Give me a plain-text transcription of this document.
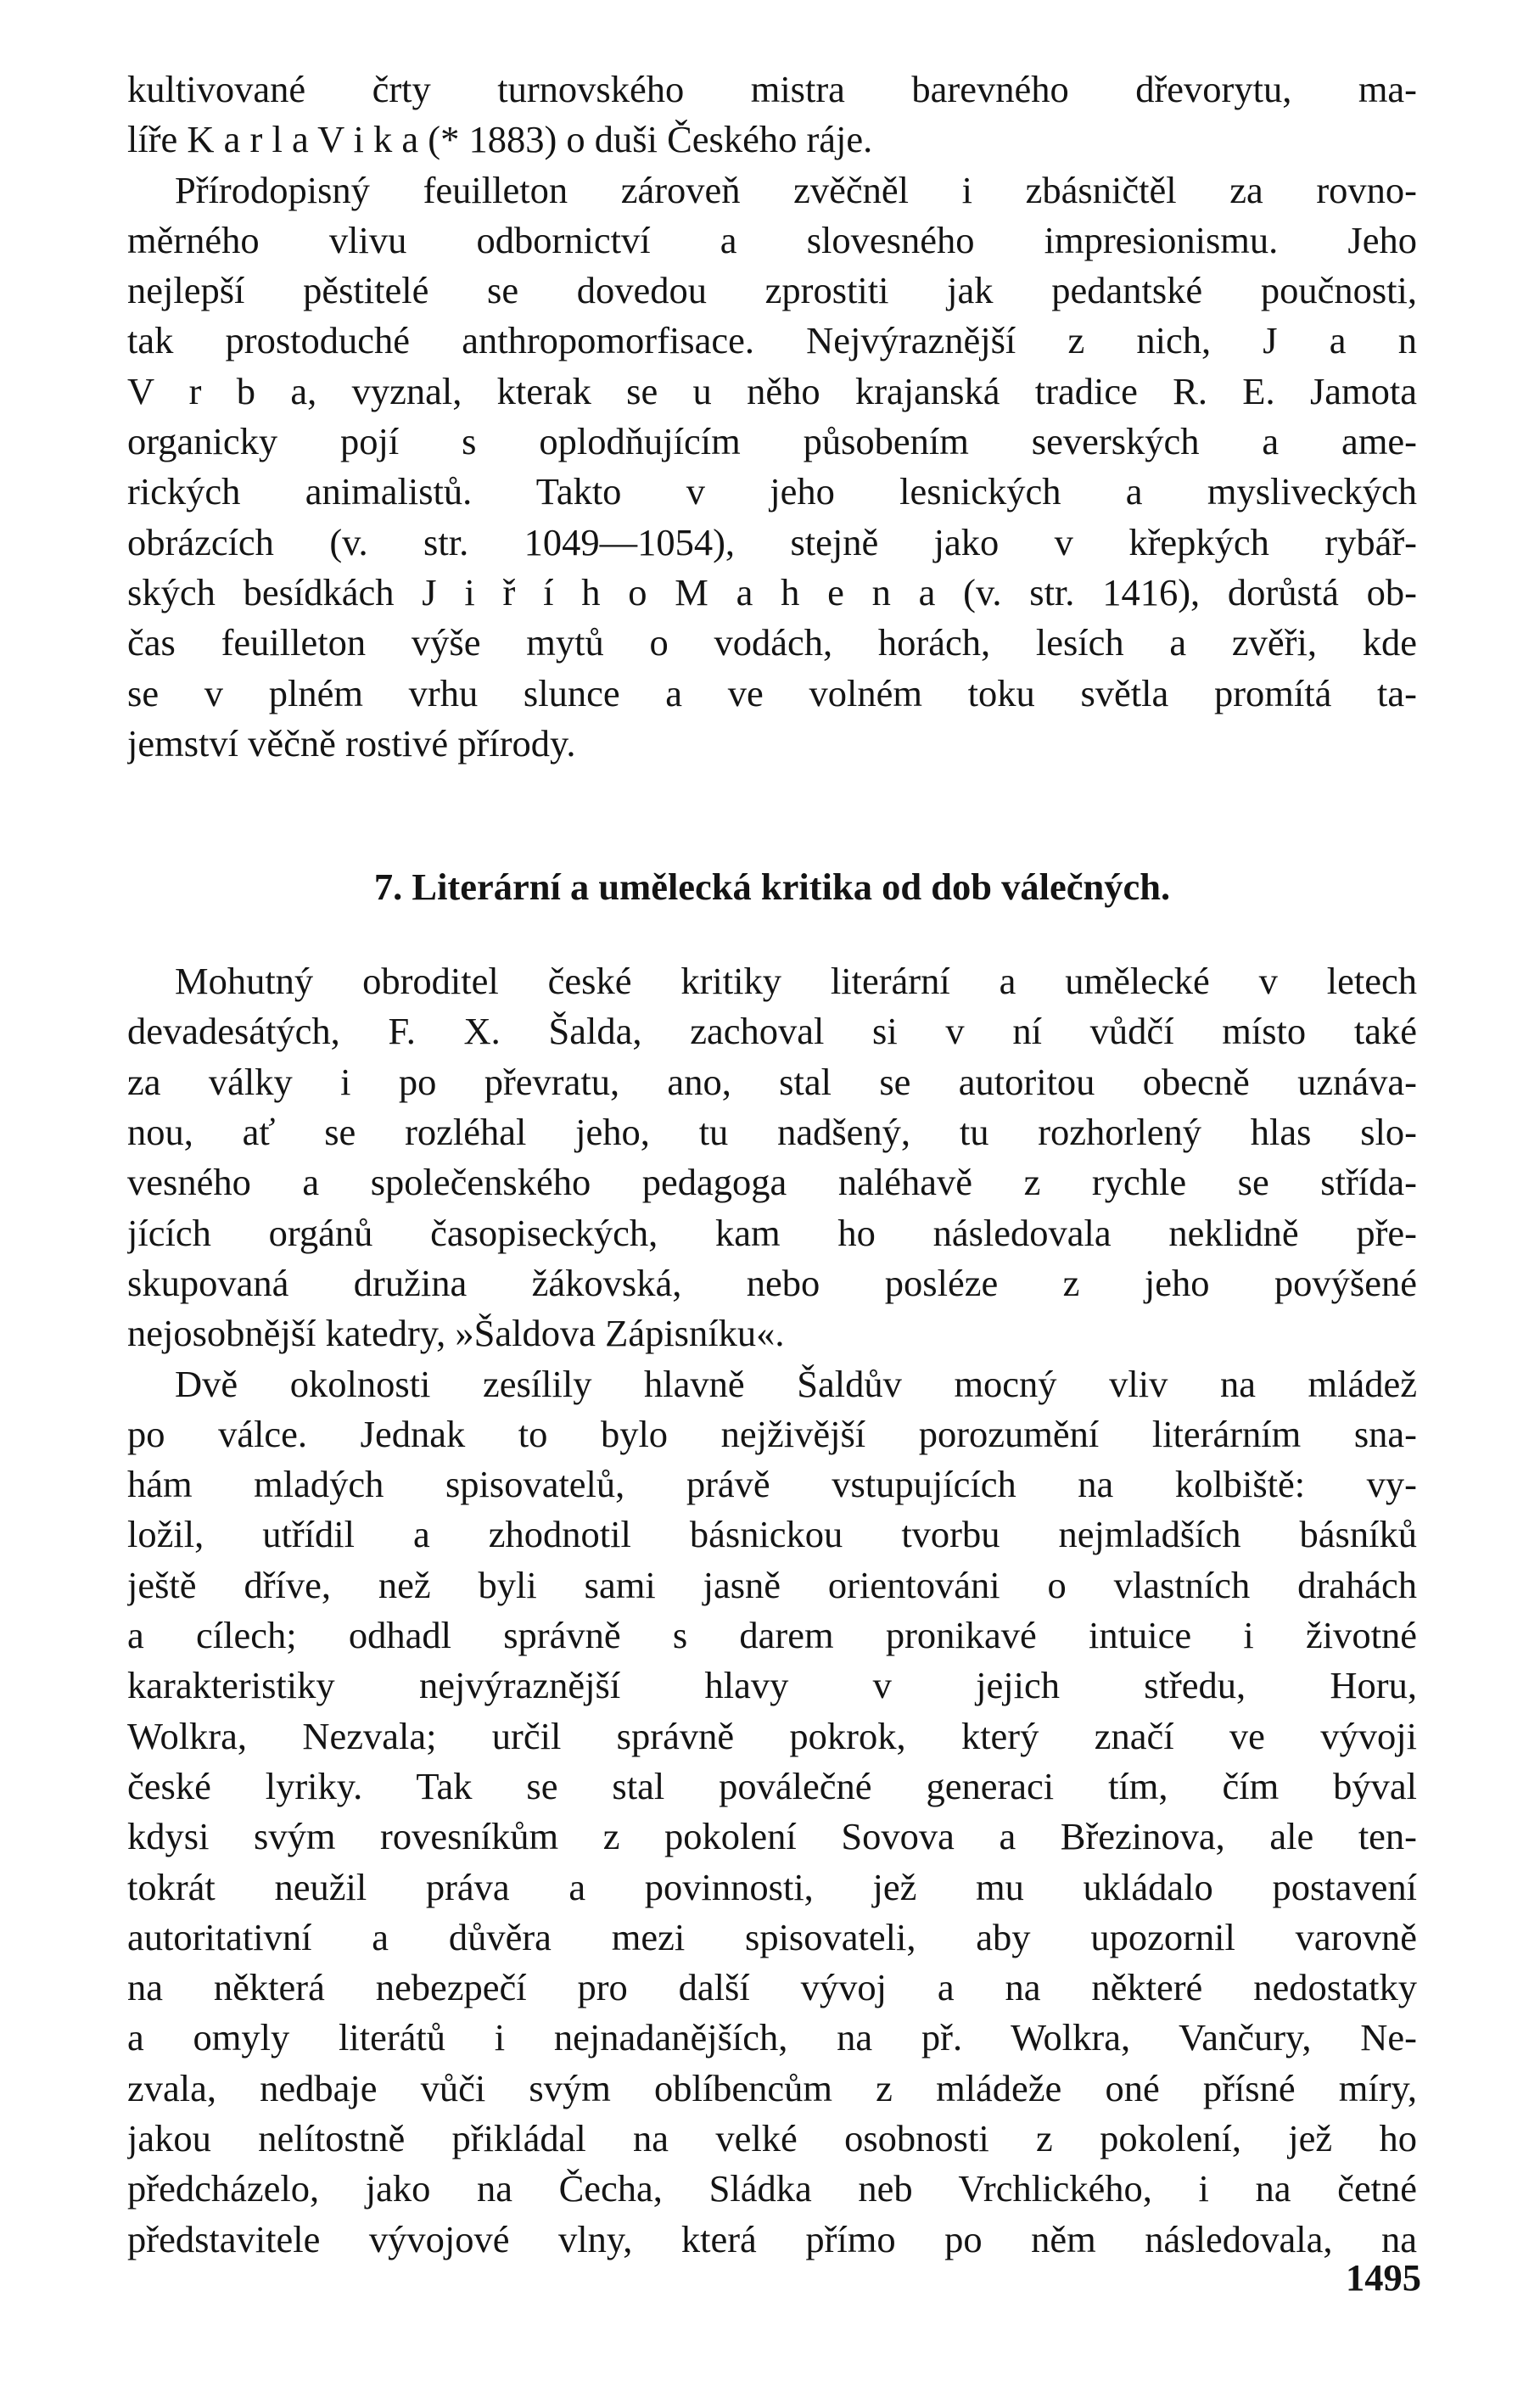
kultivované črty turnovského mistra barevného dřevorytu, ma-
líře K a r l a V i k a (* 1883) o duši Českého ráje.
Přírodopisný feuilleton zároveň zvěčněl i zbásničtěl za rovno-
měrného vlivu odbornictví a slovesného impresionismu. Jeho
nejlepší pěstitelé se dovedou zprostiti jak pedantské poučnosti,
tak prostoduché anthropomorfisace. Nejvýraznější z nich, J a n
V r b a, vyznal, kterak se u něho krajanská tradice R. E. Jamota
organicky pojí s oplodňujícím působením severských a ame-
rických animalistů. Takto v jeho lesnických a mysliveckých
obrázcích (v. str. 1049—1054), stejně jako v křepkých rybář-
ských besídkách J i ř í h o M a h e n a (v. str. 1416), dorůstá ob-
čas feuilleton výše mytů o vodách, horách, lesích a zvěři, kde
se v plném vrhu slunce a ve volném toku světla promítá ta-
jemství věčně rostivé přírody.

7. Literární a umělecká kritika od dob válečných.

Mohutný obroditel české kritiky literární a umělecké v letech
devadesátých, F. X. Šalda, zachoval si v ní vůdčí místo také
za války i po převratu, ano, stal se autoritou obecně uznáva-
nou, ať se rozléhal jeho, tu nadšený, tu rozhorlený hlas slo-
vesného a společenského pedagoga naléhavě z rychle se střída-
jících orgánů časopiseckých, kam ho následovala neklidně pře-
skupovaná družina žákovská, nebo posléze z jeho povýšené
nejosobnější katedry, »Šaldova Zápisníku«.

Dvě okolnosti zesílily hlavně Šaldův mocný vliv na mládež
po válce. Jednak to bylo nejživější porozumění literárním sna-
hám mladých spisovatelů, právě vstupujících na kolbiště: vy-
ložil, utřídil a zhodnotil básnickou tvorbu nejmladších básníků
ještě dříve, než byli sami jasně orientováni o vlastních drahách
a cílech; odhadl správně s darem pronikavé intuice i životné
karakteristiky nejvýraznější hlavy v jejich středu, Horu,
Wolkra, Nezvala; určil správně pokrok, který značí ve vývoji
české lyriky. Tak se stal poválečné generaci tím, čím býval
kdysi svým rovesníkům z pokolení Sovova a Březinova, ale ten-
tokrát neužil práva a povinnosti, jež mu ukládalo postavení
autoritativní a důvěra mezi spisovateli, aby upozornil varovně
na některá nebezpečí pro další vývoj a na některé nedostatky
a omyly literátů i nejnadanějších, na př. Wolkra, Vančury, Ne-
zvala, nedbaje vůči svým oblíbencům z mládeže oné přísné míry,
jakou nelítostně přikládal na velké osobnosti z pokolení, jež ho
předcházelo, jako na Čecha, Sládka neb Vrchlického, i na četné
představitele vývojové vlny, která přímo po něm následovala, na

1495
